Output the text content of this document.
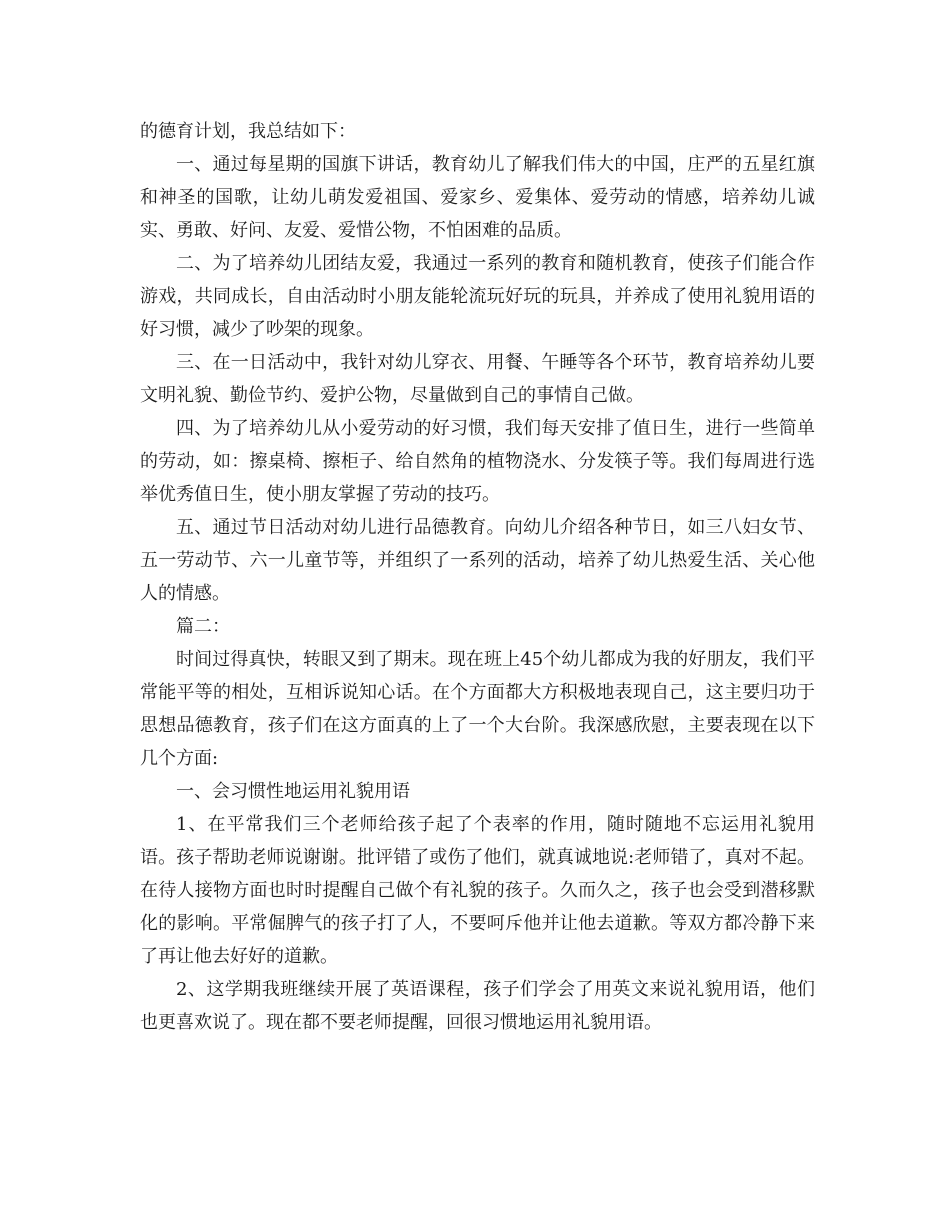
的德育计划，我总结如下：

一、通过每星期的国旗下讲话，教育幼儿了解我们伟大的中国，庄严的五星红旗和神圣的国歌，让幼儿萌发爱祖国、爱家乡、爱集体、爱劳动的情感，培养幼儿诚实、勇敢、好问、友爱、爱惜公物，不怕困难的品质。

二、为了培养幼儿团结友爱，我通过一系列的教育和随机教育，使孩子们能合作游戏，共同成长，自由活动时小朋友能轮流玩好玩的玩具，并养成了使用礼貌用语的好习惯，减少了吵架的现象。

三、在一日活动中，我针对幼儿穿衣、用餐、午睡等各个环节，教育培养幼儿要文明礼貌、勤俭节约、爱护公物，尽量做到自己的事情自己做。

四、为了培养幼儿从小爱劳动的好习惯，我们每天安排了值日生，进行一些简单的劳动，如：擦桌椅、擦柜子、给自然角的植物浇水、分发筷子等。我们每周进行选举优秀值日生，使小朋友掌握了劳动的技巧。

五、通过节日活动对幼儿进行品德教育。向幼儿介绍各种节日，如三八妇女节、五一劳动节、六一儿童节等，并组织了一系列的活动，培养了幼儿热爱生活、关心他人的情感。

篇二：

时间过得真快，转眼又到了期末。现在班上45个幼儿都成为我的好朋友，我们平常能平等的相处，互相诉说知心话。在个方面都大方积极地表现自己，这主要归功于思想品德教育，孩子们在这方面真的上了一个大台阶。我深感欣慰，主要表现在以下几个方面:

一、会习惯性地运用礼貌用语

1、在平常我们三个老师给孩子起了个表率的作用，随时随地不忘运用礼貌用语。孩子帮助老师说谢谢。批评错了或伤了他们，就真诚地说:老师错了，真对不起。在待人接物方面也时时提醒自己做个有礼貌的孩子。久而久之，孩子也会受到潜移默化的影响。平常倔脾气的孩子打了人，不要呵斥他并让他去道歉。等双方都冷静下来了再让他去好好的道歉。

2、这学期我班继续开展了英语课程，孩子们学会了用英文来说礼貌用语，他们也更喜欢说了。现在都不要老师提醒，回很习惯地运用礼貌用语。
